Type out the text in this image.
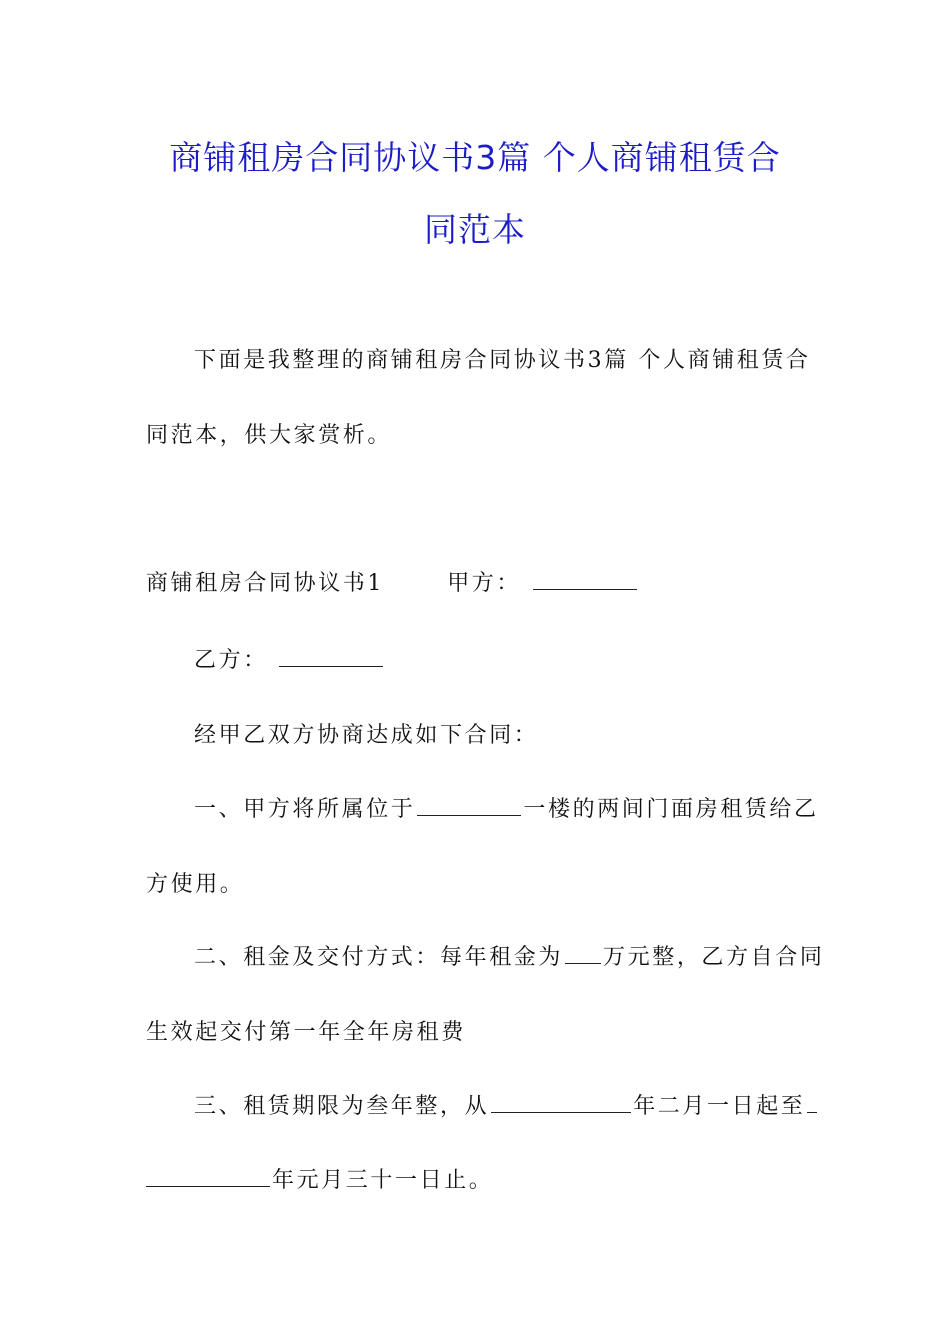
商铺租房合同协议书3篇 个人商铺租赁合
同范本
下面是我整理的商铺租房合同协议书3篇 个人商铺租赁合
同范本，供大家赏析。
商铺租房合同协议书1	甲方：
乙方：
经甲乙双方协商达成如下合同：
一、甲方将所属位于	一楼的两间门面房租赁给乙
方使用。
二、租金及交付方式：每年租金为 万元整，乙方自合同
生效起交付第一年全年房租费
三、租赁期限为叁年整，从	年二月一日起至
年元月三十一日止。
